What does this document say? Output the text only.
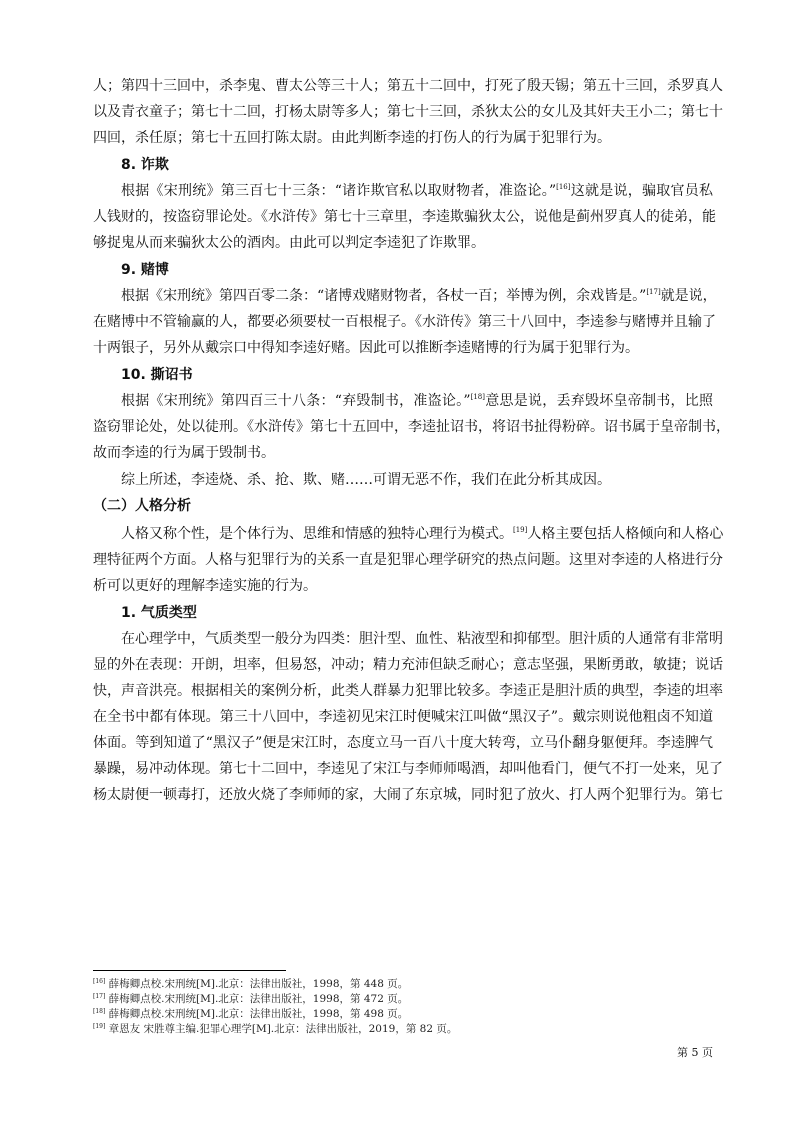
人；第四十三回中，杀李鬼、曹太公等三十人；第五十二回中，打死了殷天锡；第五十三回，杀罗真人
以及青衣童子；第七十二回，打杨太尉等多人；第七十三回，杀狄太公的女儿及其奸夫王小二；第七十
四回，杀任原；第七十五回打陈太尉。由此判断李逵的打伤人的行为属于犯罪行为。
8. 诈欺
根据《宋刑统》第三百七十三条：“诸诈欺官私以取财物者，准盗论。”[16]这就是说，骗取官员私
人钱财的，按盗窃罪论处。《水浒传》第七十三章里，李逵欺骗狄太公，说他是蓟州罗真人的徒弟，能
够捉鬼从而来骗狄太公的酒肉。由此可以判定李逵犯了诈欺罪。
9. 赌博
根据《宋刑统》第四百零二条：“诸博戏赌财物者，各杖一百；举博为例，余戏皆是。”[17]就是说，
在赌博中不管输赢的人，都要必须要杖一百根棍子。《水浒传》第三十八回中，李逵参与赌博并且输了
十两银子，另外从戴宗口中得知李逵好赌。因此可以推断李逵赌博的行为属于犯罪行为。
10. 撕诏书
根据《宋刑统》第四百三十八条：“弃毁制书，准盗论。”[18]意思是说，丢弃毁坏皇帝制书，比照
盗窃罪论处，处以徒刑。《水浒传》第七十五回中，李逵扯诏书，将诏书扯得粉碎。诏书属于皇帝制书，
故而李逵的行为属于毁制书。
综上所述，李逵烧、杀、抢、欺、赌……可谓无恶不作，我们在此分析其成因。
（二）人格分析
人格又称个性，是个体行为、思维和情感的独特心理行为模式。[19]人格主要包括人格倾向和人格心
理特征两个方面。人格与犯罪行为的关系一直是犯罪心理学研究的热点问题。这里对李逵的人格进行分
析可以更好的理解李逵实施的行为。
1. 气质类型
在心理学中，气质类型一般分为四类：胆汁型、血性、粘液型和抑郁型。胆汁质的人通常有非常明
显的外在表现：开朗，坦率，但易怒，冲动；精力充沛但缺乏耐心；意志坚强，果断勇敢，敏捷；说话
快，声音洪亮。根据相关的案例分析，此类人群暴力犯罪比较多。李逵正是胆汁质的典型，李逵的坦率
在全书中都有体现。第三十八回中，李逵初见宋江时便喊宋江叫做“黑汉子”。戴宗则说他粗卤不知道
体面。等到知道了“黑汉子”便是宋江时，态度立马一百八十度大转弯，立马仆翻身躯便拜。李逵脾气
暴躁，易冲动体现。第七十二回中，李逵见了宋江与李师师喝酒，却叫他看门，便气不打一处来，见了
杨太尉便一顿毒打，还放火烧了李师师的家，大闹了东京城，同时犯了放火、打人两个犯罪行为。第七
[16] 薛梅卿点校.宋刑统[M].北京：法律出版社，1998，第 448 页。
[17] 薛梅卿点校.宋刑统[M].北京：法律出版社，1998，第 472 页。
[18] 薛梅卿点校.宋刑统[M].北京：法律出版社，1998，第 498 页。
[19] 章恩友 宋胜尊主编.犯罪心理学[M].北京：法律出版社，2019，第 82 页。
第 5 页
